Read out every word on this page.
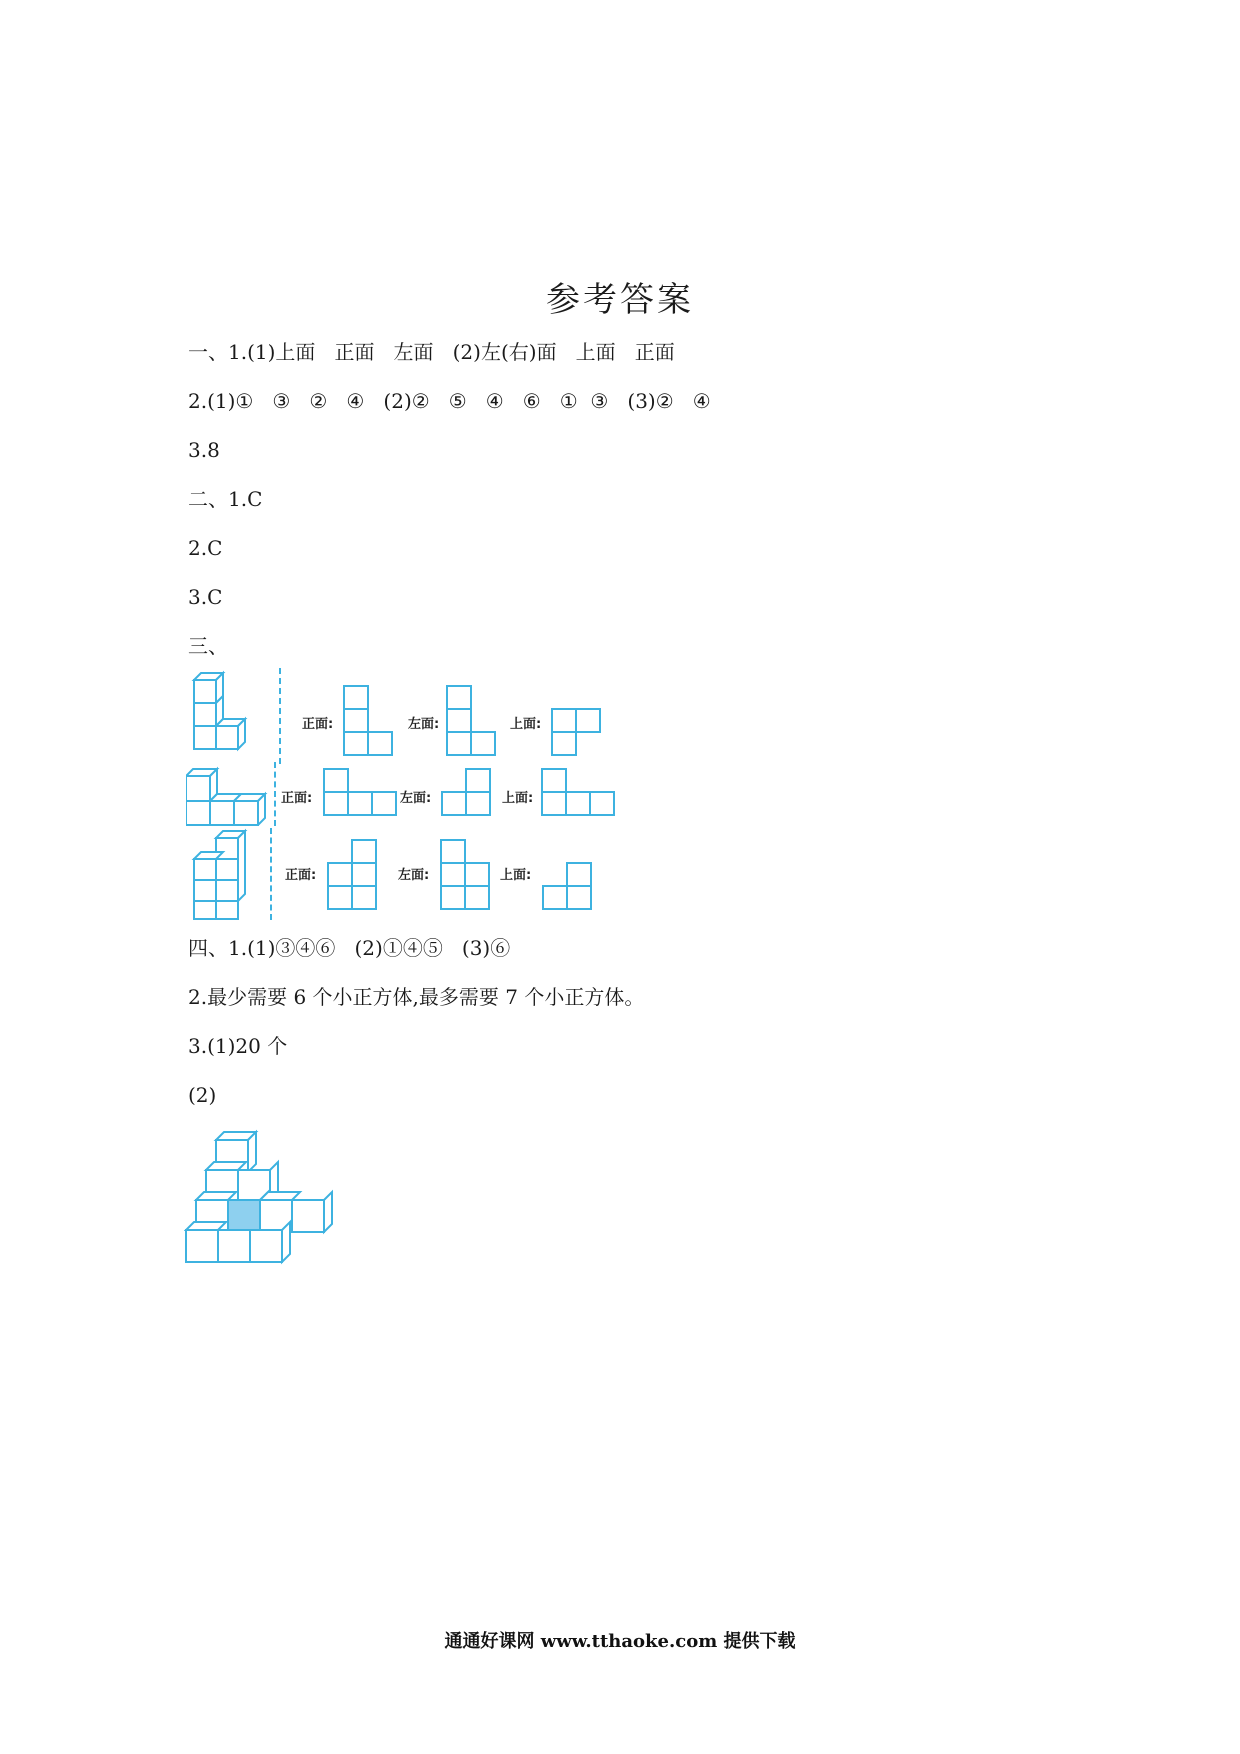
参考答案
一、1.(1)上面   正面   左面   (2)左(右)面   上面   正面
2.(1)①   ③   ②   ④   (2)②   ⑤   ④   ⑥   ①  ③   (3)②   ④
3.8
二、1.C
2.C
3.C
三、
正面:	左面:	上面:
正面:	左面:	上面:
正面:	左面:	上面:
四、1.(1)③④⑥   (2)①④⑤   (3)⑥
2.最少需要 6 个小正方体,最多需要 7 个小正方体。
3.(1)20 个
(2)
通通好课网 www.tthaoke.com 提供下载
